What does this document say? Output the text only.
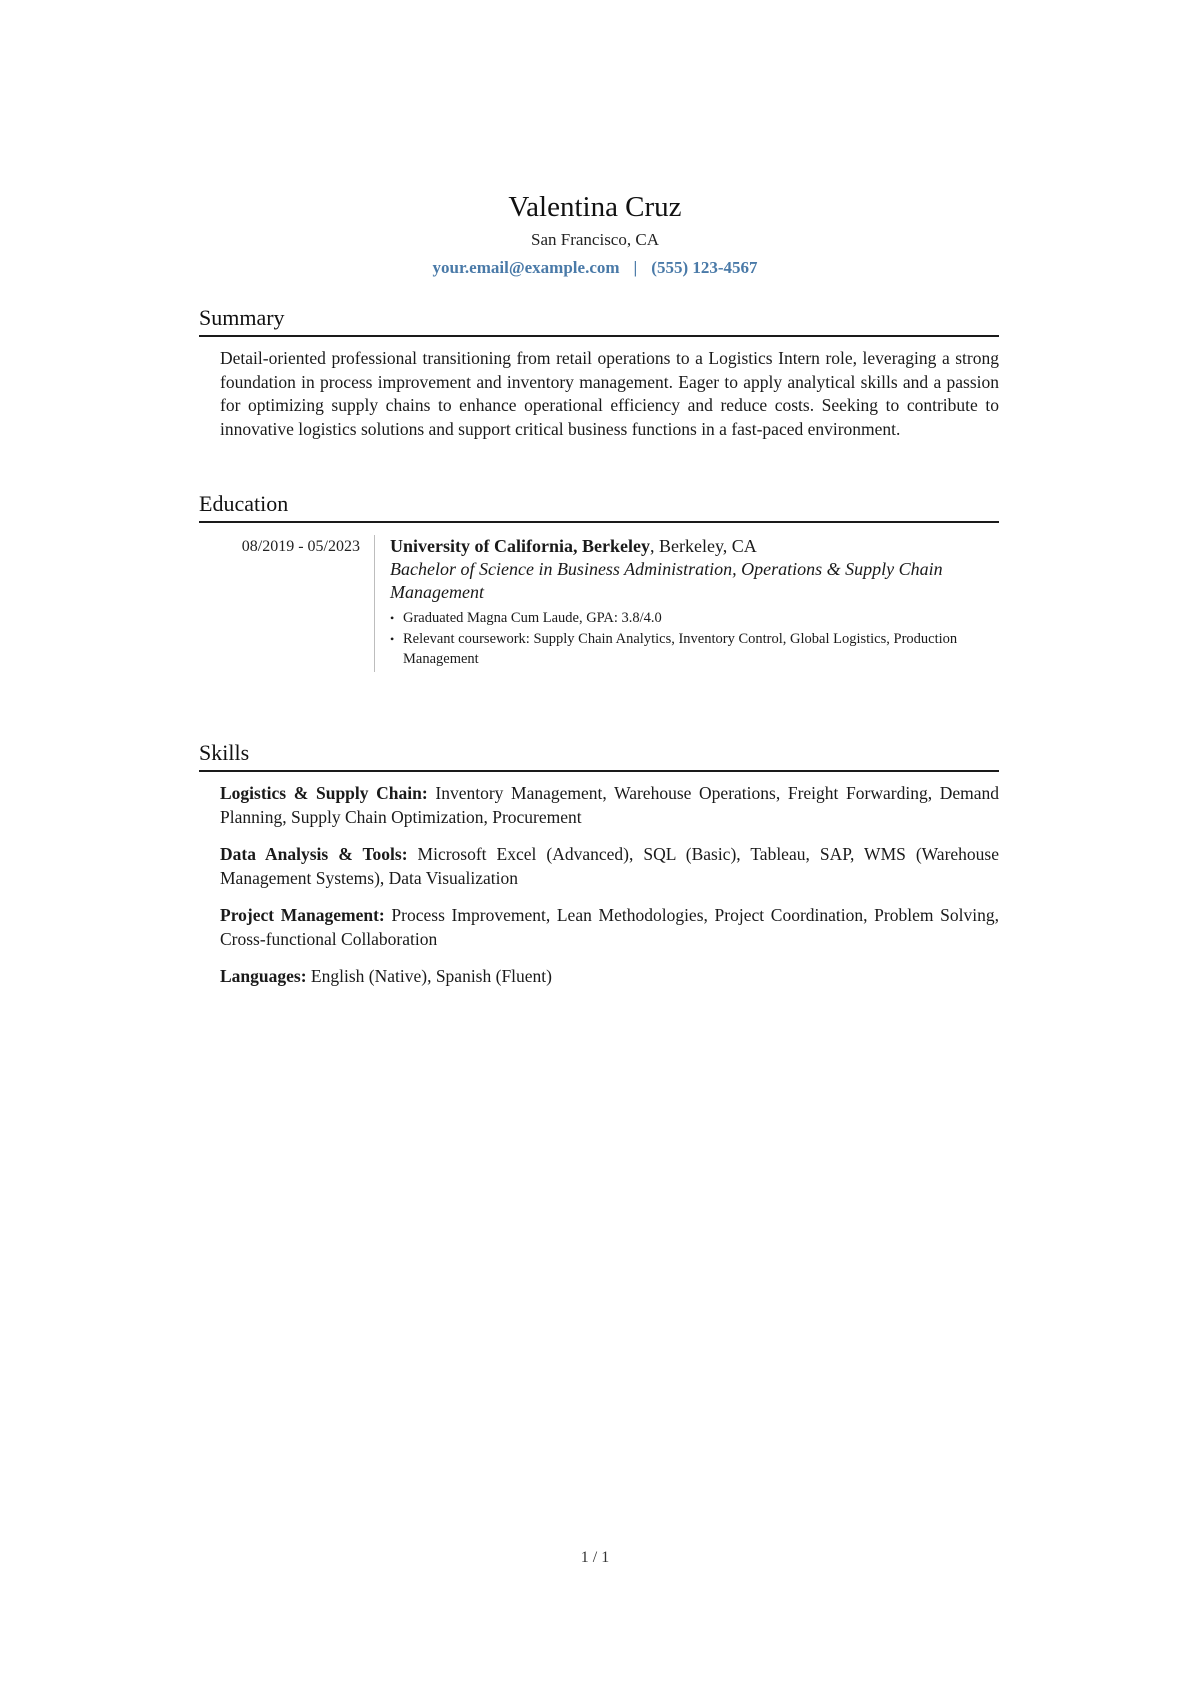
Valentina Cruz
San Francisco, CA
your.email@example.com | (555) 123-4567
Summary
Detail-oriented professional transitioning from retail operations to a Logistics Intern role, leveraging a strong foundation in process improvement and inventory management. Eager to apply analytical skills and a passion for optimizing supply chains to enhance operational efficiency and reduce costs. Seeking to contribute to innovative logistics solutions and support critical business functions in a fast-paced environment.
Education
08/2019 - 05/2023	University of California, Berkeley, Berkeley, CA
Bachelor of Science in Business Administration, Operations & Supply Chain Management
• Graduated Magna Cum Laude, GPA: 3.8/4.0
• Relevant coursework: Supply Chain Analytics, Inventory Control, Global Logistics, Production Management
Skills
Logistics & Supply Chain: Inventory Management, Warehouse Operations, Freight Forwarding, Demand Planning, Supply Chain Optimization, Procurement
Data Analysis & Tools: Microsoft Excel (Advanced), SQL (Basic), Tableau, SAP, WMS (Warehouse Management Systems), Data Visualization
Project Management: Process Improvement, Lean Methodologies, Project Coordination, Problem Solving, Cross-functional Collaboration
Languages: English (Native), Spanish (Fluent)
1 / 1
